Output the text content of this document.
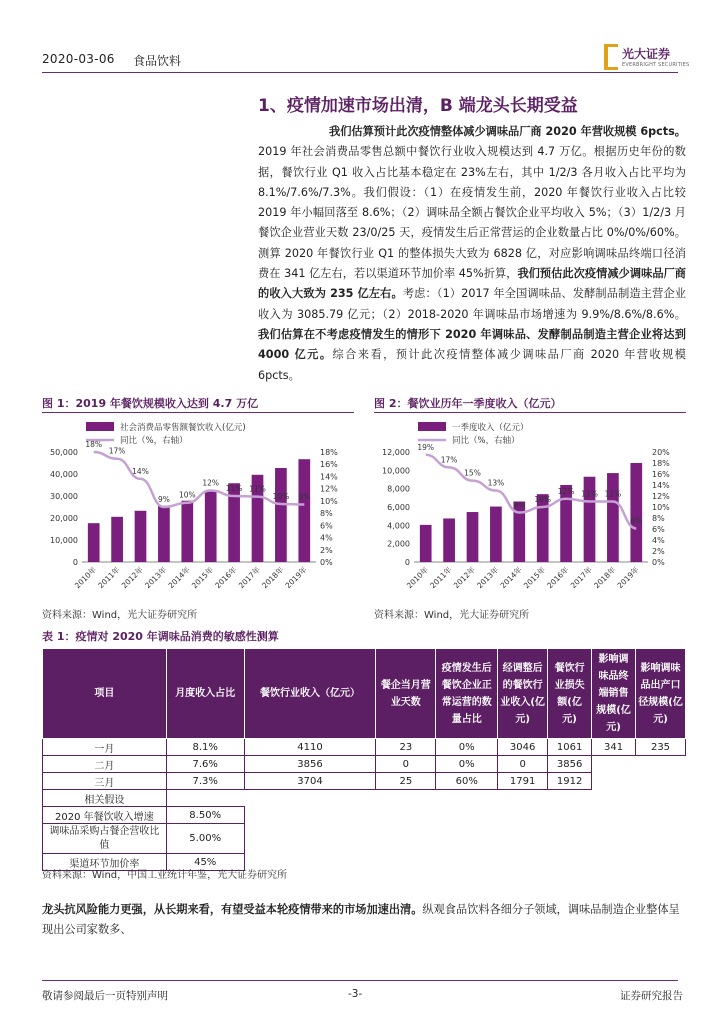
2020-03-06 食品饮料	光大证券
EVERBRIGHT SECURITIES
1、疫情加速市场出清，B 端龙头长期受益
我们估算预计此次疫情整体减少调味品厂商 2020 年营收规模 6pcts。
2019 年社会消费品零售总额中餐饮行业收入规模达到 4.7 万亿。根据历史年份的数据，餐饮行业 Q1 收入占比基本稳定在 23%左右，其中 1/2/3 各月收入占比平均为 8.1%/7.6%/7.3%。我们假设：（1）在疫情发生前，2020 年餐饮行业收入占比较 2019 年小幅回落至 8.6%；（2）调味品全额占餐饮企业平均收入 5%；（3）1/2/3 月餐饮企业营业天数 23/0/25 天，疫情发生后正常营运的企业数量占比 0%/0%/60%。测算 2020 年餐饮行业 Q1 的整体损失大致为 6828 亿，对应影响调味品终端口径消费在 341 亿左右，若以渠道环节加价率 45%折算，我们预估此次疫情减少调味品厂商的收入大致为 235 亿左右。考虑：（1）2017 年全国调味品、发酵制品制造主营企业收入为 3085.79 亿元；（2）2018-2020 年调味品市场增速为 9.9%/8.6%/8.6%。我们估算在不考虑疫情发生的情形下 2020 年调味品、发酵制品制造主营企业将达到 4000 亿元。综合来看，预计此次疫情整体减少调味品厂商 2020 年营收规模 6pcts。
图 1：2019 年餐饮规模收入达到 4.7 万亿
社会消费品零售额餐饮收入(亿元)
同比（%，右轴）
0
10,000
20,000
30,000
40,000
50,000
0%
2%
4%
6%
8%
10%
12%
14%
16%
18%
2010年
2011年
2012年
2013年
2014年
2015年
2016年
2017年
2018年
2019年
18%
17%
14%
9% 10%
12%
11% 11%
10% 9%
资料来源：Wind，光大证券研究所
图 2：餐饮业历年一季度收入（亿元）
一季度收入（亿元）
同比（%，右轴）
0
2,000
4,000
6,000
8,000
10,000
12,000
0%
2%
4%
6%
8%
10%
12%
14%
16%
18%
20%
2010年
2011年
2012年
2013年
2014年
2015年
2016年
2017年
2018年
2019年
19%
17%
15%
13%
9%
10%
12% 11% 11%
6%
资料来源：Wind，光大证券研究所
表 1：疫情对 2020 年调味品消费的敏感性测算
项目	月度收入占比	餐饮行业收入（亿元）	餐企当月营业天数	疫情发生后餐饮企业正常运营的数量占比	经调整后的餐饮行业收入(亿元)	餐饮行业损失额(亿元)	影响调味品终端销售规模(亿元)	影响调味品出产口径规模(亿元)
一月	8.1%	4110	23	0%	3046	1061	341	235
二月	7.6%	3856	0	0%	0	3856		
三月	7.3%	3704	25	60%	1791	1912		
相关假设								
2020 年餐饮收入增速	8.50%							
调味品采购占餐企营收比值	5.00%							
渠道环节加价率	45%							
资料来源：Wind，中国工业统计年鉴，光大证券研究所
龙头抗风险能力更强，从长期来看，有望受益本轮疫情带来的市场加速出清。纵观食品饮料各细分子领域，调味品制造企业整体呈现出公司家数多、
敬请参阅最后一页特别声明	-3-	证券研究报告
